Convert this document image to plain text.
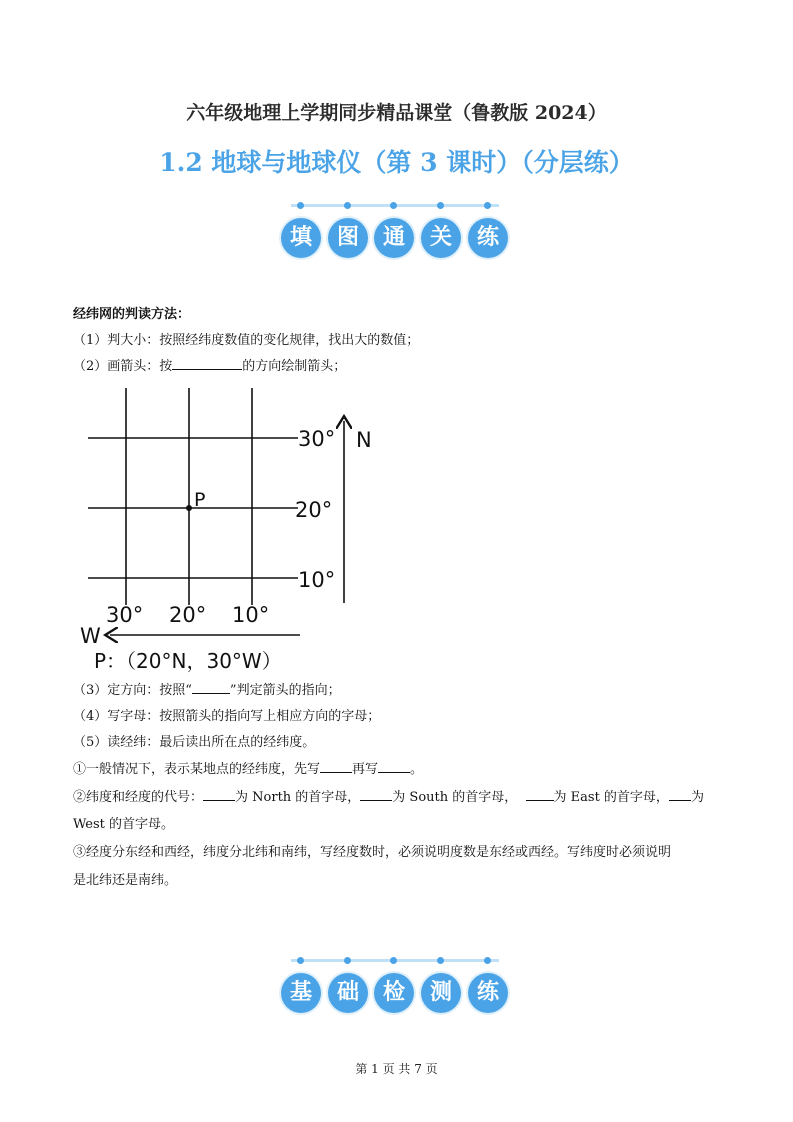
六年级地理上学期同步精品课堂（鲁教版 2024）
1.2 地球与地球仪（第 3 课时）（分层练）
填	图	通	关	练
经纬网的判读方法：
（1）判大小：按照经纬度数值的变化规律，找出大的数值；
（2）画箭头：按	的方向绘制箭头；
30°
20°
10°
N
P
30° 20° 10°
W
P：（20°N，30°W）
（3）定方向：按照“	”判定箭头的指向；
（4）写字母：按照箭头的指向写上相应方向的字母；
（5）读经纬：最后读出所在点的经纬度。
①一般情况下，表示某地点的经纬度，先写 再写 。
②纬度和经度的代号： 为 North 的首字母， 为 South 的首字母，	为 East 的首字母， 为
West 的首字母。
③经度分东经和西经，纬度分北纬和南纬，写经度数时，必须说明度数是东经或西经。写纬度时必须说明
是北纬还是南纬。
基	础	检	测	练
第 1 页 共 7 页
